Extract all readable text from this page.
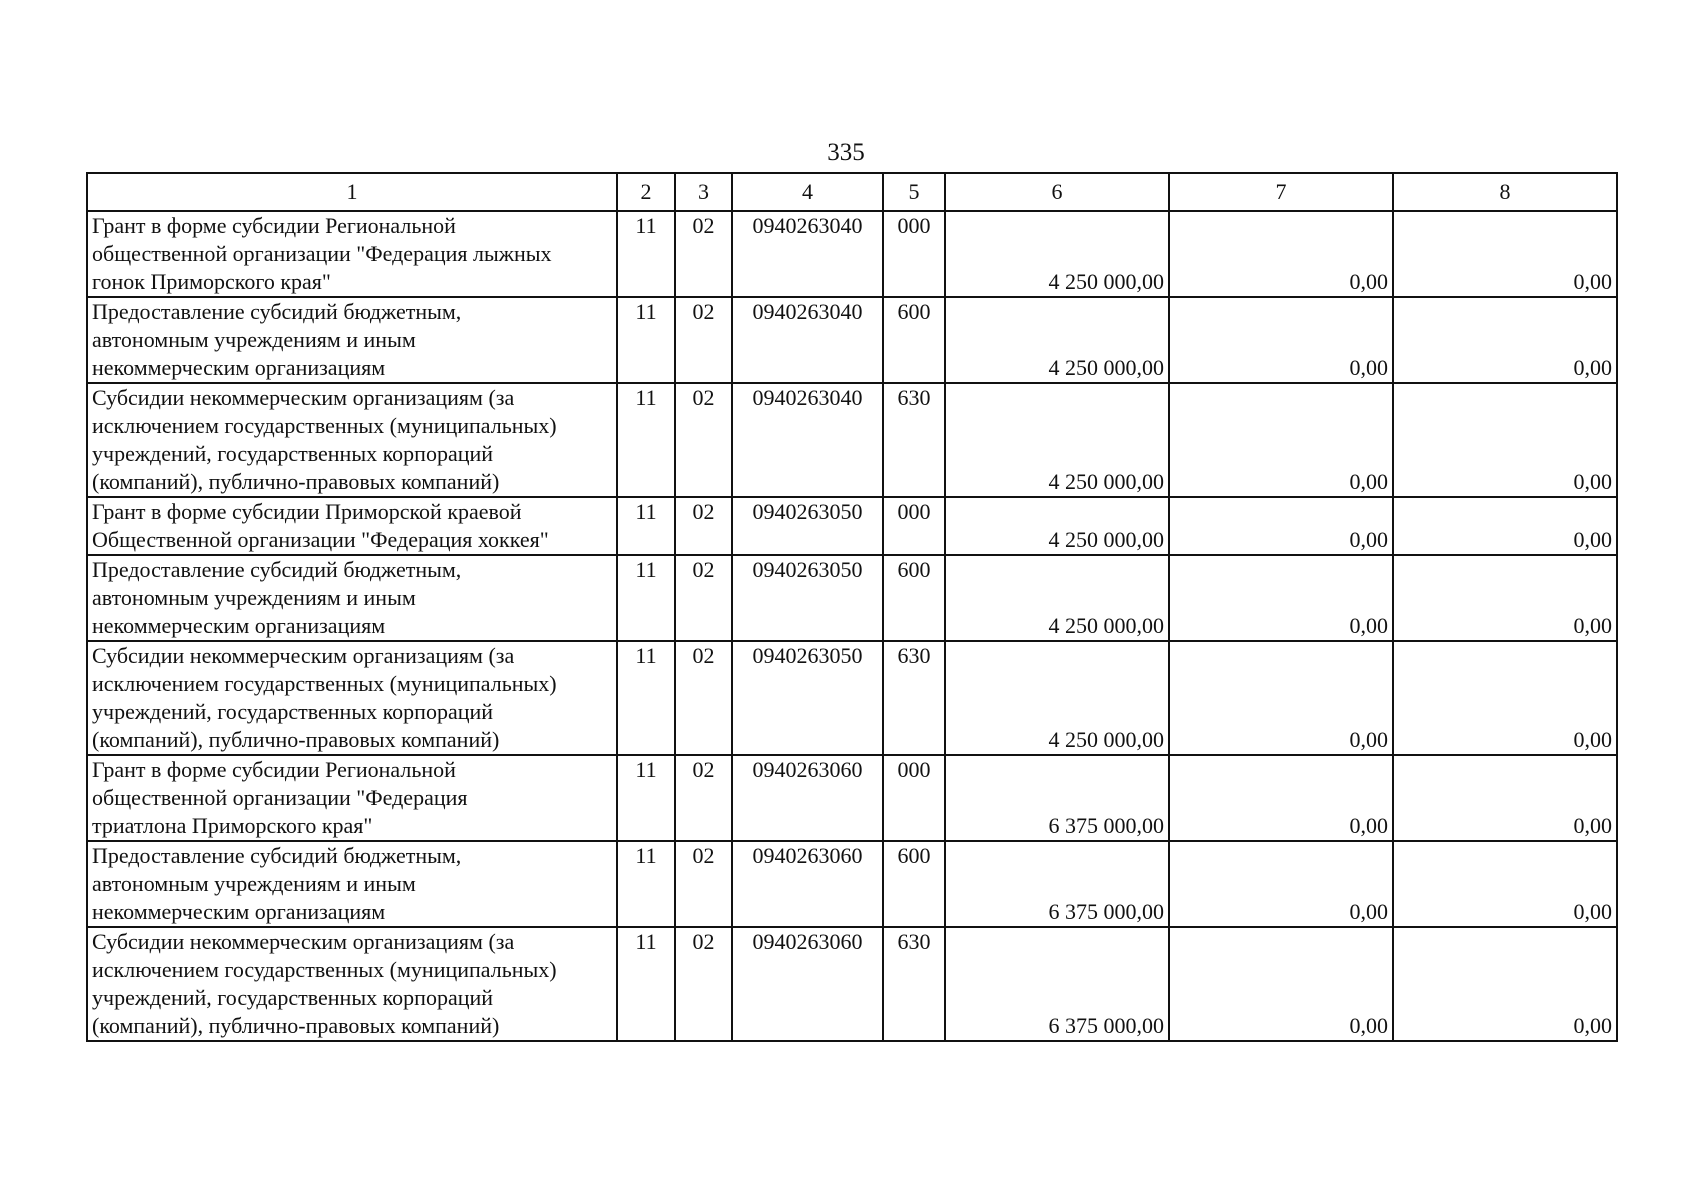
335
1	2	3	4	5	6	7	8

Грант в форме субсидии Региональной
общественной организации "Федерация лыжных
гонок Приморского края"	11	02	0940263040	000	4 250 000,00	0,00	0,00

Предоставление субсидий бюджетным,
автономным учреждениям и иным
некоммерческим организациям	11	02	0940263040	600	4 250 000,00	0,00	0,00

Субсидии некоммерческим организациям (за
исключением государственных (муниципальных)
учреждений, государственных корпораций
(компаний), публично-правовых компаний)	11	02	0940263040	630	4 250 000,00	0,00	0,00

Грант в форме субсидии Приморской краевой
Общественной организации "Федерация хоккея"	11	02	0940263050	000	4 250 000,00	0,00	0,00

Предоставление субсидий бюджетным,
автономным учреждениям и иным
некоммерческим организациям	11	02	0940263050	600	4 250 000,00	0,00	0,00

Субсидии некоммерческим организациям (за
исключением государственных (муниципальных)
учреждений, государственных корпораций
(компаний), публично-правовых компаний)	11	02	0940263050	630	4 250 000,00	0,00	0,00

Грант в форме субсидии Региональной
общественной организации "Федерация
триатлона Приморского края"	11	02	0940263060	000	6 375 000,00	0,00	0,00

Предоставление субсидий бюджетным,
автономным учреждениям и иным
некоммерческим организациям	11	02	0940263060	600	6 375 000,00	0,00	0,00

Субсидии некоммерческим организациям (за
исключением государственных (муниципальных)
учреждений, государственных корпораций
(компаний), публично-правовых компаний)	11	02	0940263060	630	6 375 000,00	0,00	0,00
